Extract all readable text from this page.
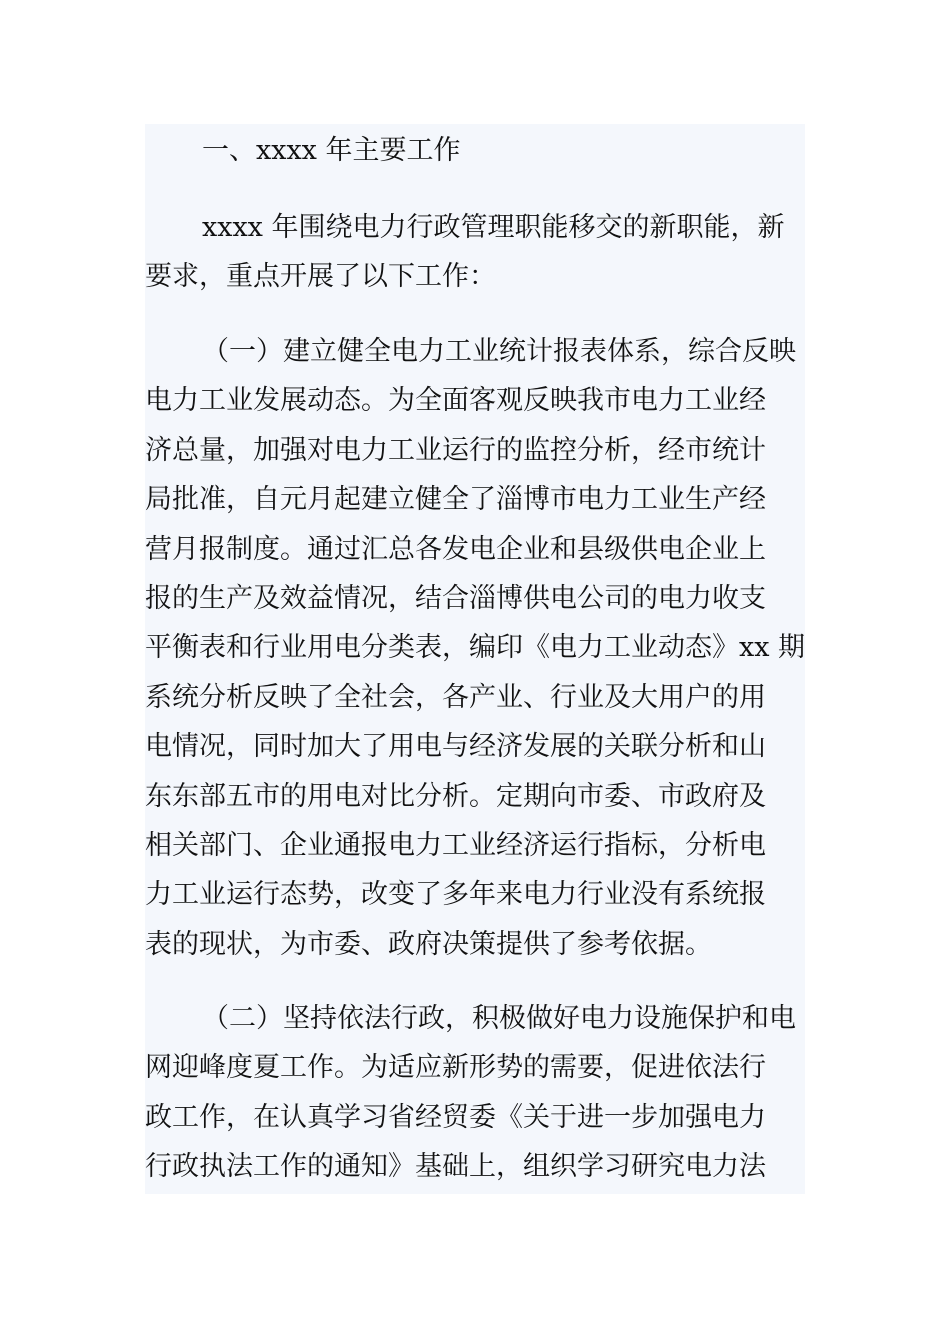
一、xxxx 年主要工作

xxxx 年围绕电力行政管理职能移交的新职能，新
要求，重点开展了以下工作：

（一）建立健全电力工业统计报表体系，综合反映
电力工业发展动态。为全面客观反映我市电力工业经
济总量，加强对电力工业运行的监控分析，经市统计
局批准，自元月起建立健全了淄博市电力工业生产经
营月报制度。通过汇总各发电企业和县级供电企业上
报的生产及效益情况，结合淄博供电公司的电力收支
平衡表和行业用电分类表，编印《电力工业动态》xx 期
系统分析反映了全社会，各产业、行业及大用户的用
电情况，同时加大了用电与经济发展的关联分析和山
东东部五市的用电对比分析。定期向市委、市政府及
相关部门、企业通报电力工业经济运行指标，分析电
力工业运行态势，改变了多年来电力行业没有系统报
表的现状，为市委、政府决策提供了参考依据。

（二）坚持依法行政，积极做好电力设施保护和电
网迎峰度夏工作。为适应新形势的需要，促进依法行
政工作，在认真学习省经贸委《关于进一步加强电力
行政执法工作的通知》基础上，组织学习研究电力法
